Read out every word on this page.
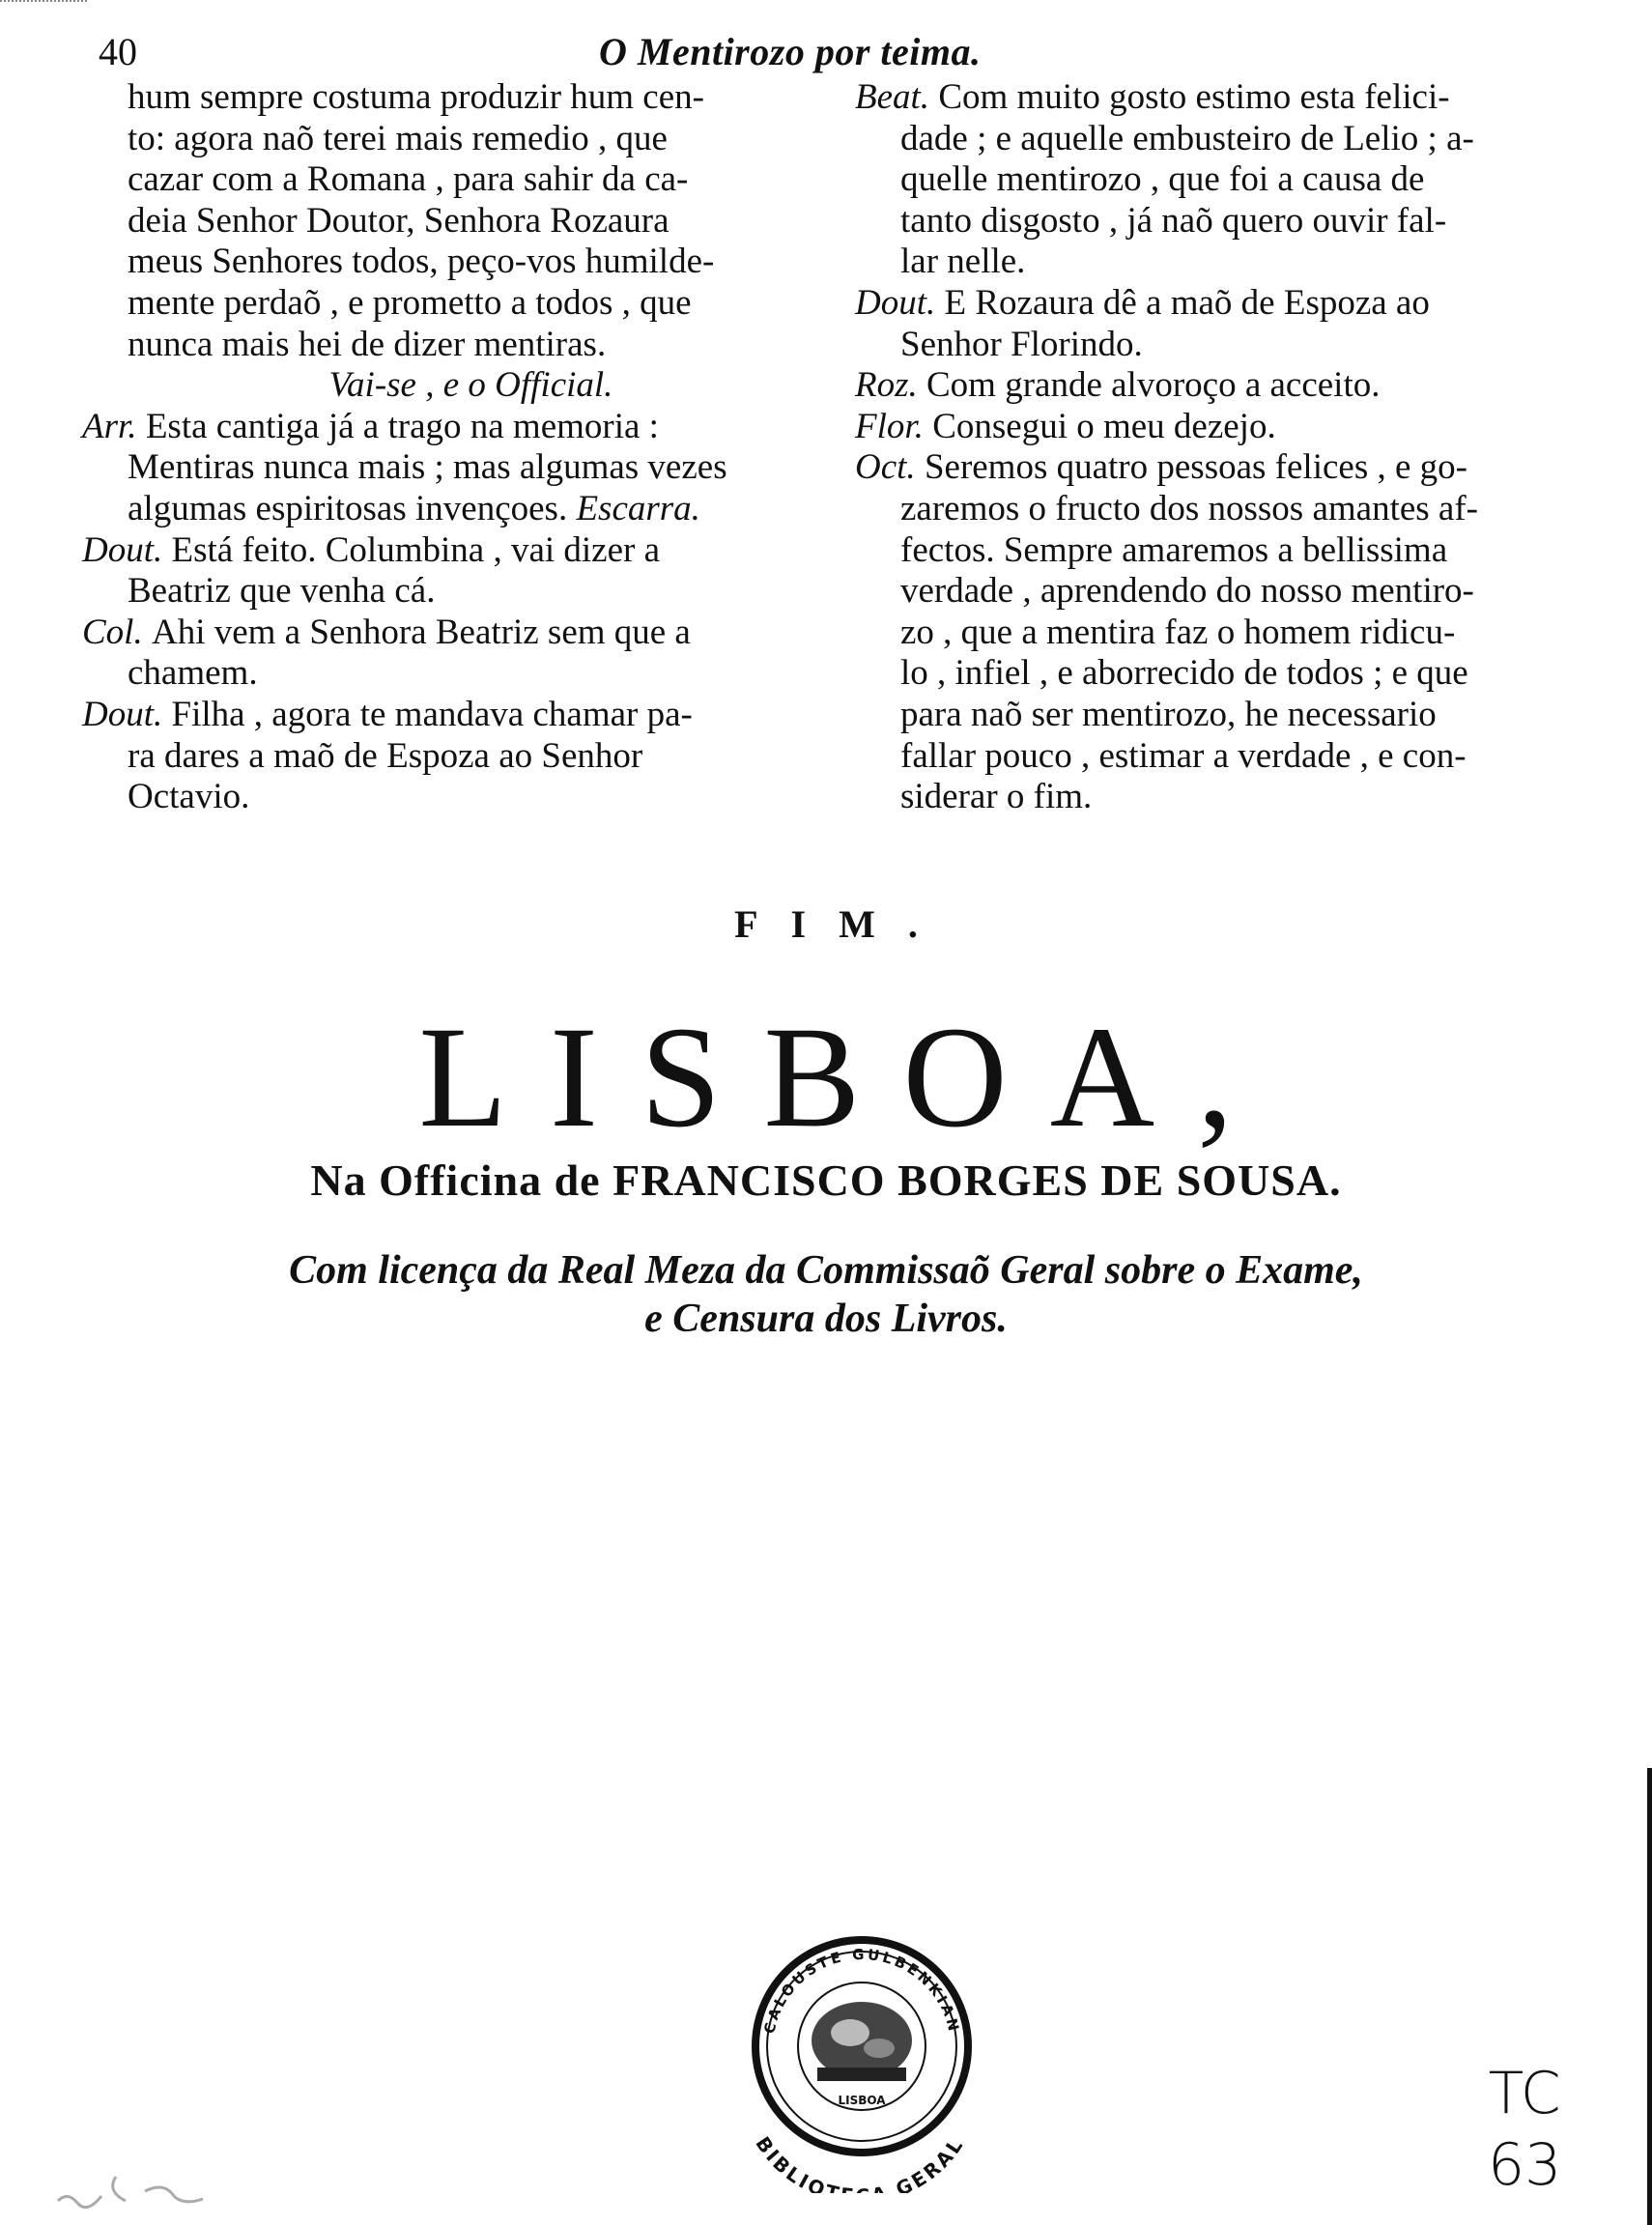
40	O Mentirozo por teima.
hum sempre costuma produzir hum cen-
to: agora naõ terei mais remedio , que
cazar com a Romana , para sahir da ca-
deia Senhor Doutor, Senhora Rozaura
meus Senhores todos, peço-vos humilde-
mente perdaõ , e prometto a todos , que
nunca mais hei de dizer mentiras.
Vai-se , e o Official.
Arr. Esta cantiga já a trago na memoria :
Mentiras nunca mais ; mas algumas vezes
algumas espiritosas invençoes. Escarra.
Dout. Está feito. Columbina , vai dizer a
Beatriz que venha cá.
Col. Ahi vem a Senhora Beatriz sem que a
chamem.
Dout. Filha , agora te mandava chamar pa-
ra dares a maõ de Espoza ao Senhor
Octavio.
Beat. Com muito gosto estimo esta felici-
dade ; e aquelle embusteiro de Lelio ; a-
quelle mentirozo , que foi a causa de
tanto disgosto , já naõ quero ouvir fal-
lar nelle.
Dout. E Rozaura dê a maõ de Espoza ao
Senhor Florindo.
Roz. Com grande alvoroço a acceito.
Flor. Consegui o meu dezejo.
Oct. Seremos quatro pessoas felices , e go-
zaremos o fructo dos nossos amantes af-
fectos. Sempre amaremos a bellissima
verdade , aprendendo do nosso mentiro-
zo , que a mentira faz o homem ridicu-
lo , infiel , e aborrecido de todos ; e que
para naõ ser mentirozo, he necessario
fallar pouco , estimar a verdade , e con-
siderar o fim.
FIM.
LISBOA,
Na Officina de FRANCISCO BORGES DE SOUSA.
Com licença da Real Meza da Commissaõ Geral sobre o Exame,
e Censura dos Livros.
CALOUSTE GULBENKIAN
LISBOA
BIBLIOT GERAL
TC
63
